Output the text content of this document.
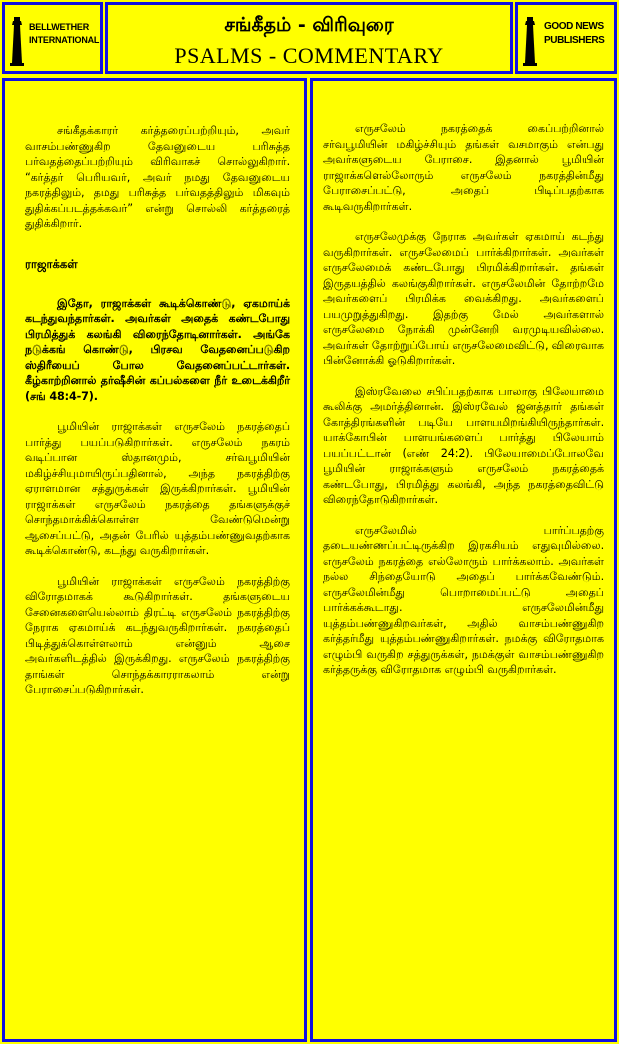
BELLWETHER
INTERNATIONAL
சங்கீதம் - விரிவுரை
PSALMS - COMMENTARY
GOOD NEWS
PUBLISHERS

சங்கீதக்காரர் கர்த்தரைப்பற்றியும், அவர் வாசம்பண்ணுகிற தேவனுடைய பரிசுத்த பர்வதத்தைப்பற்றியும் விரிவாகச் சொல்லுகிறார். “கர்த்தர் பெரியவர், அவர் நமது தேவனுடைய நகரத்திலும், தமது பரிசுத்த பர்வதத்திலும் மிகவும் துதிக்கப்படத்தக்கவர்” என்று சொல்லி கர்த்தரைத் துதிக்கிறார்.

ராஜாக்கள்

இதோ, ராஜாக்கள் கூடிக்கொண்டு, ஏகமாய்க் கடந்துவந்தார்கள். அவர்கள் அதைக் கண்டபோது பிரமித்துக் கலங்கி விரைந்தோடினார்கள். அங்கே நடுக்கங் கொண்டு, பிரசவ வேதனைப்படுகிற ஸ்திரீயைப் போல வேதனைப்பட்டார்கள். கீழ்காற்றினால் தர்ஷீசின் கப்பல்களை நீர் உடைக்கிறீர் (சங் 48:4-7).

பூமியின் ராஜாக்கள் எருசலேம் நகரத்தைப் பார்த்து பயப்படுகிறார்கள். எருசலேம் நகரம் வடிப்பான ஸ்தானமும், சர்வபூமியின் மகிழ்ச்சியுமாயிருப்பதினால், அந்த நகரத்திற்கு ஏராளமான சத்துருக்கள் இருக்கிறார்கள். பூமியின் ராஜாக்கள் எருசலேம் நகரத்தை தங்களுக்குச் சொந்தமாக்கிக்கொள்ள வேண்டுமென்று ஆசைப்பட்டு, அதன் பேரில் யுத்தம்பண்ணுவதற்காக கூடிக்கொண்டு, கடந்து வருகிறார்கள்.

பூமியின் ராஜாக்கள் எருசலேம் நகரத்திற்கு விரோதமாகக் கூடுகிறார்கள். தங்களுடைய சேனைகளையெல்லாம் திரட்டி எருசலேம் நகரத்திற்கு நேராக ஏகமாய்க் கடந்துவருகிறார்கள். நகரத்தைப் பிடித்துக்கொள்ளலாம் என்னும் ஆசை அவர்களிடத்தில் இருக்கிறது. எருசலேம் நகரத்திற்கு தாங்கள் சொந்தக்காரராகலாம் என்று பேராசைப்படுகிறார்கள்.

எருசலேம் நகரத்தைக் கைப்பற்றினால் சர்வபூமியின் மகிழ்ச்சியும் தங்கள் வசமாகும் என்பது அவர்களுடைய பேராசை. இதனால் பூமியின் ராஜாக்களெல்லோரும் எருசலேம் நகரத்தின்மீது பேராசைப்பட்டு, அதைப் பிடிப்பதற்காக கூடிவருகிறார்கள்.

எருசலேமுக்கு நேராக அவர்கள் ஏகமாய் கடந்து வருகிறார்கள். எருசலேமைப் பார்க்கிறார்கள். அவர்கள் எருசலேமைக் கண்டபோது பிரமிக்கிறார்கள். தங்கள் இருதயத்தில் கலங்குகிறார்கள். எருசலேமின் தோற்றமே அவர்களைப் பிரமிக்க வைக்கிறது. அவர்களைப் பயமுறுத்துகிறது. இதற்கு மேல் அவர்களால் எருசலேமை நோக்கி முன்னேறி வரமுடியவில்லை. அவர்கள் தோற்றுப்போய் எருசலேமைவிட்டு, விரைவாக பின்னோக்கி ஓடுகிறார்கள்.

இஸ்ரவேலை சபிப்பதற்காக பாலாகு பிலேயாமை கூலிக்கு அமர்த்தினான். இஸ்ரவேல் ஜனத்தார் தங்கள் கோத்திரங்களின் படியே பாளயமிறங்கியிருந்தார்கள். யாக்கோபின் பாளயங்களைப் பார்த்து பிலேயாம் பயப்பட்டான் (எண் 24:2). பிலேயாமைப்போலவே பூமியின் ராஜாக்களும் எருசலேம் நகரத்தைக் கண்டபோது, பிரமித்து கலங்கி, அந்த நகரத்தைவிட்டு விரைந்தோடுகிறார்கள்.

எருசலேமில் பார்ப்பதற்கு தடையண்ணப்பட்டிருக்கிற இரகசியம் எதுவுமில்லை. எருசலேம் நகரத்தை எல்லோரும் பார்க்கலாம். அவர்கள் நல்ல சிந்தையோடு அதைப் பார்க்கவேண்டும். எருசலேமின்மீது பொறாமைப்பட்டு அதைப் பார்க்கக்கூடாது. எருசலேமின்மீது யுத்தம்பண்ணுகிறவர்கள், அதில் வாசம்பண்ணுகிற கர்த்தர்மீது யுத்தம்பண்ணுகிறார்கள். நமக்கு விரோதமாக எழும்பி வருகிற சத்துருக்கள், நமக்குள் வாசம்பண்ணுகிற கர்த்தருக்கு விரோதமாக எழும்பி வருகிறார்கள்.
